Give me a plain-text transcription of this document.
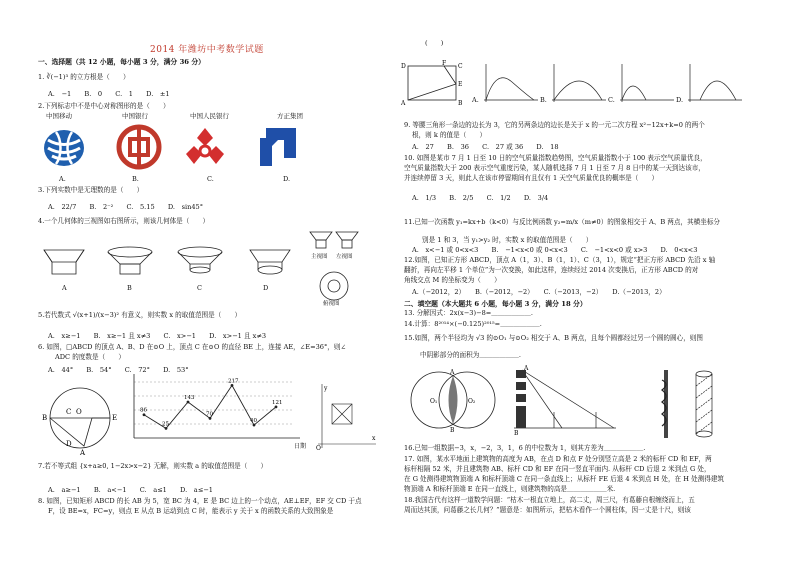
2014 年潍坊中考数学试题
(　　)
一、选择题（共 12 小题，每小题 3 分，满分 36 分）
1. ∛(−1)³ 的立方根是（　　）
A.　−1　　B.　0　　C.　1　　D.　±1
2.下列标志中不是中心对称图形的是（　　）
中国移动	中国银行	中国人民银行	方正集团
A.	B.	C.	D.
3.下列实数中是无理数的是（　　）
A.　22/7　　B.　2⁻²　　C.　5.15̇　　D.　sin45°
4.一个几何体的三视图如右图所示，则该几何体是（　　）
A	B	C	D
主视图 左视图
俯视图
5.若代数式 √(x+1)/(x−3)² 有意义，则实数 x 的取值范围是（　　）
A.　x≥−1　　B.　x≥−1 且 x≠3　　C.　x>−1　　D.　x>−1 且 x≠3
6. 如图，□ABCD 的顶点 A、B、D 在⊙O 上，顶点 C 在⊙O 的直径 BE 上，连接 AE，∠E=36°，则∠
ADC 的度数是（　　）
A.　44°　　B.　54°　　C.　72°　　D.　53°
B
C O
E
A
D
86
25
143
70
217
40
121
日期
y
x
O
7.若不等式组 {x+a≥0, 1−2x>x−2} 无解，则实数 a 的取值范围是（　　）
A.　a≥−1　　B.　a<−1　　C.　a≤1　　D.　a≤−1
8. 如图，已知矩形 ABCD 的长 AB 为 5，宽 BC 为 4，E 是 BC 边上的一个动点，AE⊥EF，EF 交 CD 于点
F，设 BE=x，FC=y，则点 E 从点 B 运动到点 C 时，能表示 y 关于 x 的函数关系的大致图象是
D	F C
A	B
E
A.	B.	C.	D.
9. 等腰三角形一条边的边长为 3，它的另两条边的边长是关于 x 的一元二次方程 x²−12x+k=0 的两个
根，则 k 的值是（　　）
A.　27　　B.　36　　C.　27 或 36　　D.　18
10. 如图是某市 7 月 1 日至 10 日的空气质量指数趋势图，空气质量指数小于 100 表示空气质量优良，
空气质量指数大于 200 表示空气重度污染，某人随机选择 7 月 1 日至 7 月 8 日中的某一天到达该市，
并连续停留 3 天，则此人在该市停留期间有且仅有 1 天空气质量优良的概率是（　　）
A.　1/3　　B.　2/5　　C.　1/2　　D.　3/4
11.已知一次函数 y₁=kx+b（k<0）与反比例函数 y₂=m/x（m≠0）的图象相交于 A、B 两点，其横坐标分
别是 1 和 3，当 y₁>y₂ 时，实数 x 的取值范围是（　　）
A.　x<−1 或 0<x<3　　B.　−1<x<0 或 0<x<3　　C.　−1<x<0 或 x>3　　D.　0<x<3
12.如图，已知正方形 ABCD，顶点 A（1，3）、B（1，1）、C（3，1），规定“把正方形 ABCD 先沿 x 轴
翻折，再向左平移 1 个单位”为一次变换，如此这样，连续经过 2014 次变换后，正方形 ABCD 的对
角线交点 M 的坐标变为（　　）
A.（−2012，2）　　B.（−2012，−2）　　C.（−2013，−2）　　D.（−2013，2）
二、填空题（本大题共 6 小题，每小题 3 分，满分 18 分）
13. 分解因式：2x(x−3)−8=＿＿＿＿＿＿.
14.计算：8²⁰¹⁴×(−0.125)²⁰¹⁵=＿＿＿＿＿＿.
15.如图，两个半径均为 √3 的⊙O₁ 与⊙O₂ 相交于 A、B 两点，且每个圆都经过另一个圆的圆心，则图
中阴影部分的面积为＿＿＿＿＿＿.
A
B
O₁	O₂
A
B
16.已知一组数据−3，x，−2，3，1，6 的中位数为 1，则其方差为＿＿＿＿＿＿.
17. 如图，某水平地面上建筑物的高度为 AB，在点 D 和点 F 处分别竖立高是 2 米的标杆 CD 和 EF，两
标杆相隔 52 米，并且建筑物 AB、标杆 CD 和 EF 在同一竖直平面内. 从标杆 CD 后退 2 米到点 G 处，
在 G 处测得建筑物顶端 A 和标杆顶端 C 在同一条直线上；从标杆 FE 后退 4 米到点 H 处，在 H 处测得建筑
物顶端 A 和标杆顶端 E 在同一直线上，则建筑物的高是＿＿＿＿＿＿米.
18.我国古代有这样一道数学问题：“枯木一根直立地上，高二丈，周三尺，有葛藤自根缠绕而上，五
周而达其顶，问葛藤之长几何？”题意是：如图所示，把枯木看作一个圆柱体，因一丈是十尺，则该
